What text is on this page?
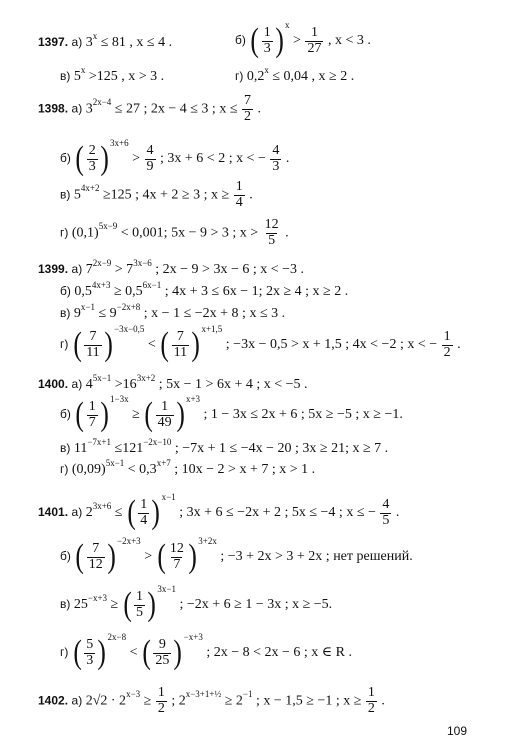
1397. а) $3^x \le 81$ , x ≤ 4 .	б) ( $\frac{1}{3}$ ) $^x > \frac{1}{27}$ , x < 3 .
в) $5^x >125$ , x > 3 .	г) $0,2^x \le 0,04$ , x ≥ 2 .
1398. а) $3^{2x-4} \le 27$ ; 2x − 4 ≤ 3 ; $x \le \frac{7}{2}$ .
б) ( $\frac{2}{3}$ ) $^{3x+6} > \frac{4}{9}$ ; 3x + 6 < 2 ; x < − $\frac{4}{3}$ .
в) $5^{4x+2} \ge 125$ ; 4x + 2 ≥ 3 ; $x \ge \frac{1}{4}$ .
г) $(0,1)^{5x-9} < 0,001$; 5x − 9 > 3 ; $x > \frac{12}{5}$ .
1399. а) $7^{2x-9} > 7^{3x-6}$ ; 2x − 9 > 3x − 6 ; x < −3 .
б) $0,5^{4x+3} \ge 0,5^{6x-1}$ ; 4x + 3 ≤ 6x − 1; 2x ≥ 4 ; x ≥ 2 .
в) $9^{x-1} \le 9^{-2x+8}$ ; x − 1 ≤ −2x + 8 ; x ≤ 3 .
г) ( $\frac{7}{11}$ ) $^{-3x-0,5}$ < ( $\frac{7}{11}$ ) $^{x+1,5}$ ; −3x − 0,5 > x + 1,5 ; 4x < −2 ; x < − $\frac{1}{2}$ .
1400. а) $4^{5x-1} >16^{3x+2}$ ; 5x − 1 > 6x + 4 ; x < −5 .
б) ( $\frac{1}{7}$ ) $^{1-3x}$ ≥ ( $\frac{1}{49}$ ) $^{x+3}$ ; 1 − 3x ≤ 2x + 6 ; 5x ≥ −5 ; x ≥ −1.
в) $11^{-7x+1} \le 121^{-2x-10}$ ; −7x + 1 ≤ −4x − 20 ; 3x ≥ 21; x ≥ 7 .
г) $(0,09)^{5x-1} < 0,3^{x+7}$ ; 10x − 2 > x + 7 ; x > 1 .
1401. а) $2^{3x+6}$ ≤ ( $\frac{1}{4}$ ) $^{x-1}$ ; 3x + 6 ≤ −2x + 2 ; 5x ≤ −4 ; x ≤ − $\frac{4}{5}$ .
б) ( $\frac{7}{12}$ ) $^{-2x+3}$ > ( $\frac{12}{7}$ ) $^{3+2x}$ ; −3 + 2x > 3 + 2x ; нет решений.
в) $25^{-x+3}$ ≥ ( $\frac{1}{5}$ ) $^{3x-1}$ ; −2x + 6 ≥ 1 − 3x ; x ≥ −5.
г) ( $\frac{5}{3}$ ) $^{2x-8}$ < ( $\frac{9}{25}$ ) $^{-x+3}$ ; 2x − 8 < 2x − 6 ; x ∈ R .
1402. а) $2√2 \cdot 2^{x-3} \ge \frac{1}{2}$ ; $2^{x-3+1+\frac{1}{2}} \ge 2^{-1}$ ; x − 1,5 ≥ −1 ; $x \ge \frac{1}{2}$ .
109
